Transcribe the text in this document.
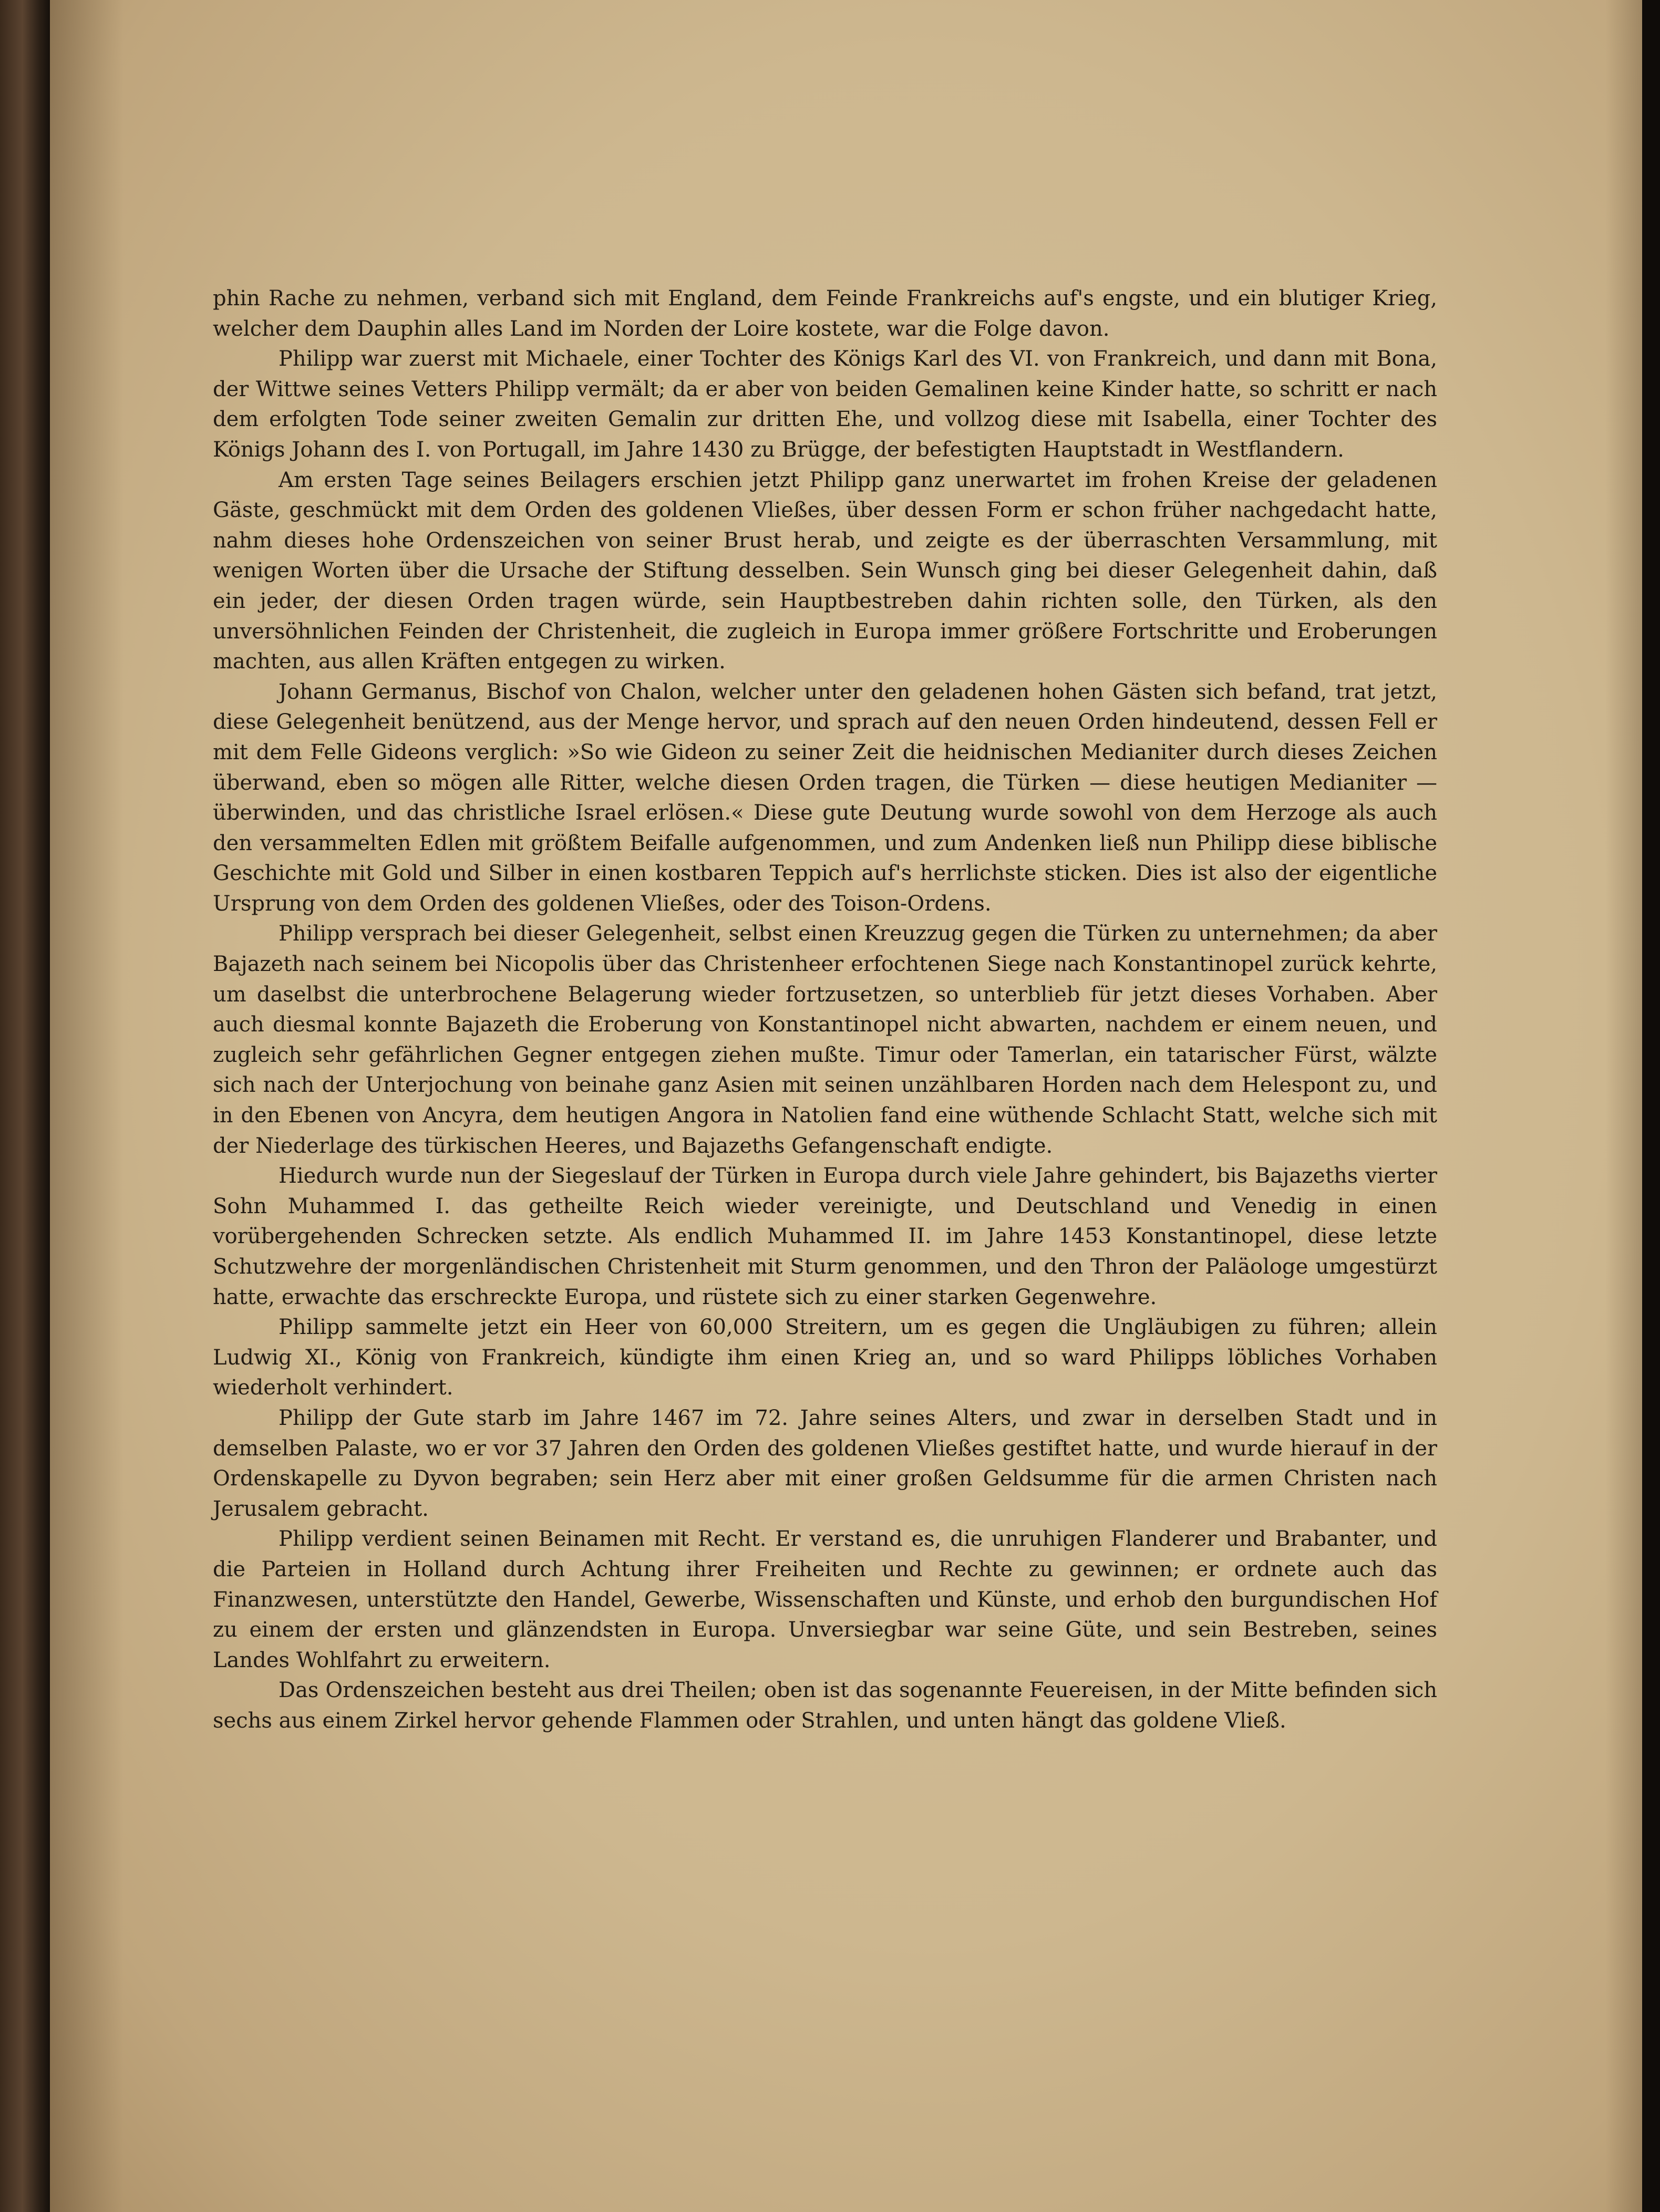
phin Rache zu nehmen, verband sich mit England, dem Feinde Frankreichs auf's engste, und ein blutiger Krieg, welcher dem Dauphin alles Land im Norden der Loire kostete, war die Folge davon.

Philipp war zuerst mit Michaele, einer Tochter des Königs Karl des VI. von Frankreich, und dann mit Bona, der Wittwe seines Vetters Philipp vermält; da er aber von beiden Gemalinen keine Kinder hatte, so schritt er nach dem erfolgten Tode seiner zweiten Gemalin zur dritten Ehe, und vollzog diese mit Isabella, einer Tochter des Königs Johann des I. von Portugall, im Jahre 1430 zu Brügge, der befestigten Hauptstadt in Westflandern.

Am ersten Tage seines Beilagers erschien jetzt Philipp ganz unerwartet im frohen Kreise der geladenen Gäste, geschmückt mit dem Orden des goldenen Vließes, über dessen Form er schon früher nachgedacht hatte, nahm dieses hohe Ordenszeichen von seiner Brust herab, und zeigte es der überraschten Versammlung, mit wenigen Worten über die Ursache der Stiftung desselben. Sein Wunsch ging bei dieser Gelegenheit dahin, daß ein jeder, der diesen Orden tragen würde, sein Hauptbestreben dahin richten solle, den Türken, als den unversöhnlichen Feinden der Christenheit, die zugleich in Europa immer größere Fortschritte und Eroberungen machten, aus allen Kräften entgegen zu wirken.

Johann Germanus, Bischof von Chalon, welcher unter den geladenen hohen Gästen sich befand, trat jetzt, diese Gelegenheit benützend, aus der Menge hervor, und sprach auf den neuen Orden hindeutend, dessen Fell er mit dem Felle Gideons verglich: »So wie Gideon zu seiner Zeit die heidnischen Medianiter durch dieses Zeichen überwand, eben so mögen alle Ritter, welche diesen Orden tragen, die Türken — diese heutigen Medianiter — überwinden, und das christliche Israel erlösen.« Diese gute Deutung wurde sowohl von dem Herzoge als auch den versammelten Edlen mit größtem Beifalle aufgenommen, und zum Andenken ließ nun Philipp diese biblische Geschichte mit Gold und Silber in einen kostbaren Teppich auf's herrlichste sticken. Dies ist also der eigentliche Ursprung von dem Orden des goldenen Vließes, oder des Toison-Ordens.

Philipp versprach bei dieser Gelegenheit, selbst einen Kreuzzug gegen die Türken zu unternehmen; da aber Bajazeth nach seinem bei Nicopolis über das Christenheer erfochtenen Siege nach Konstantinopel zurück kehrte, um daselbst die unterbrochene Belagerung wieder fortzusetzen, so unterblieb für jetzt dieses Vorhaben. Aber auch diesmal konnte Bajazeth die Eroberung von Konstantinopel nicht abwarten, nachdem er einem neuen, und zugleich sehr gefährlichen Gegner entgegen ziehen mußte. Timur oder Tamerlan, ein tatarischer Fürst, wälzte sich nach der Unterjochung von beinahe ganz Asien mit seinen unzählbaren Horden nach dem Helespont zu, und in den Ebenen von Ancyra, dem heutigen Angora in Natolien fand eine wüthende Schlacht Statt, welche sich mit der Niederlage des türkischen Heeres, und Bajazeths Gefangenschaft endigte.

Hiedurch wurde nun der Siegeslauf der Türken in Europa durch viele Jahre gehindert, bis Bajazeths vierter Sohn Muhammed I. das getheilte Reich wieder vereinigte, und Deutschland und Venedig in einen vorübergehenden Schrecken setzte. Als endlich Muhammed II. im Jahre 1453 Konstantinopel, diese letzte Schutzwehre der morgenländischen Christenheit mit Sturm genommen, und den Thron der Paläologe umgestürzt hatte, erwachte das erschreckte Europa, und rüstete sich zu einer starken Gegenwehre.

Philipp sammelte jetzt ein Heer von 60,000 Streitern, um es gegen die Ungläubigen zu führen; allein Ludwig XI., König von Frankreich, kündigte ihm einen Krieg an, und so ward Philipps löbliches Vorhaben wiederholt verhindert.

Philipp der Gute starb im Jahre 1467 im 72. Jahre seines Alters, und zwar in derselben Stadt und in demselben Palaste, wo er vor 37 Jahren den Orden des goldenen Vließes gestiftet hatte, und wurde hierauf in der Ordenskapelle zu Dyvon begraben; sein Herz aber mit einer großen Geldsumme für die armen Christen nach Jerusalem gebracht.

Philipp verdient seinen Beinamen mit Recht. Er verstand es, die unruhigen Flanderer und Brabanter, und die Parteien in Holland durch Achtung ihrer Freiheiten und Rechte zu gewinnen; er ordnete auch das Finanzwesen, unterstützte den Handel, Gewerbe, Wissenschaften und Künste, und erhob den burgundischen Hof zu einem der ersten und glänzendsten in Europa. Unversiegbar war seine Güte, und sein Bestreben, seines Landes Wohlfahrt zu erweitern.

Das Ordenszeichen besteht aus drei Theilen; oben ist das sogenannte Feuereisen, in der Mitte befinden sich sechs aus einem Zirkel hervor gehende Flammen oder Strahlen, und unten hängt das goldene Vließ.
